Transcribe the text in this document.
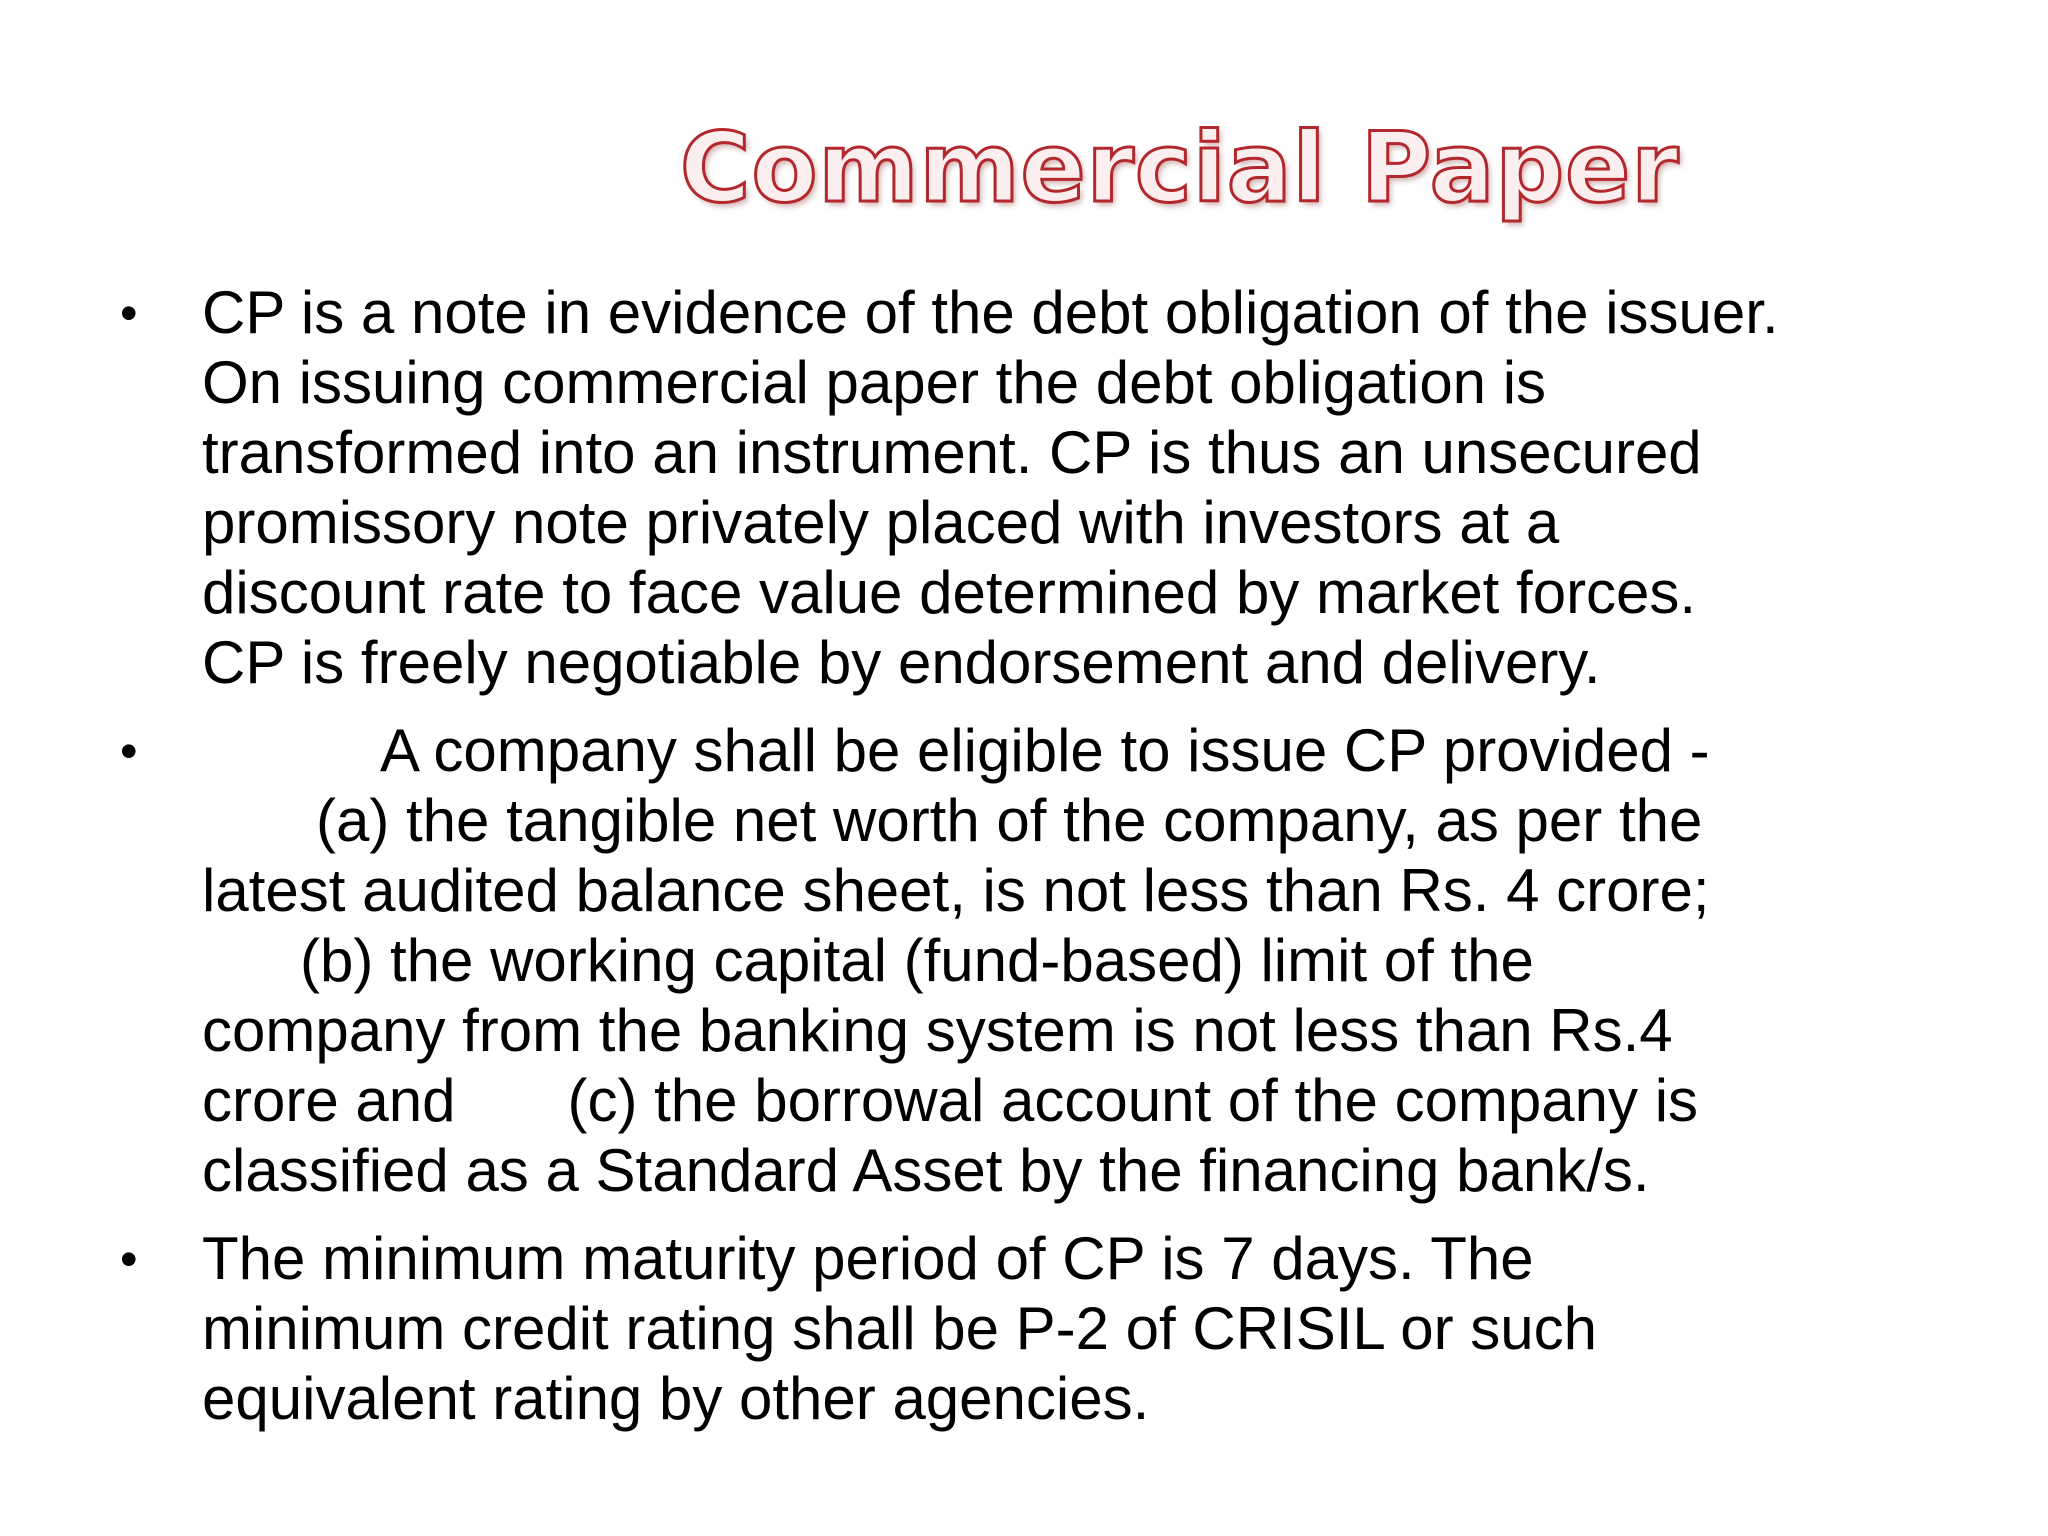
Commercial Paper
•	CP is a note in evidence of the debt obligation of the issuer.
On issuing commercial paper the debt obligation is
transformed into an instrument. CP is thus an unsecured
promissory note privately placed with investors at a
discount rate to face value determined by market forces.
CP is freely negotiable by endorsement and delivery.
•	A company shall be eligible to issue CP provided -
(a) the tangible net worth of the company, as per the
latest audited balance sheet, is not less than Rs. 4 crore;
(b) the working capital (fund-based) limit of the
company from the banking system is not less than Rs.4
crore and (c) the borrowal account of the company is
classified as a Standard Asset by the financing bank/s.
•	The minimum maturity period of CP is 7 days. The
minimum credit rating shall be P-2 of CRISIL or such
equivalent rating by other agencies.
